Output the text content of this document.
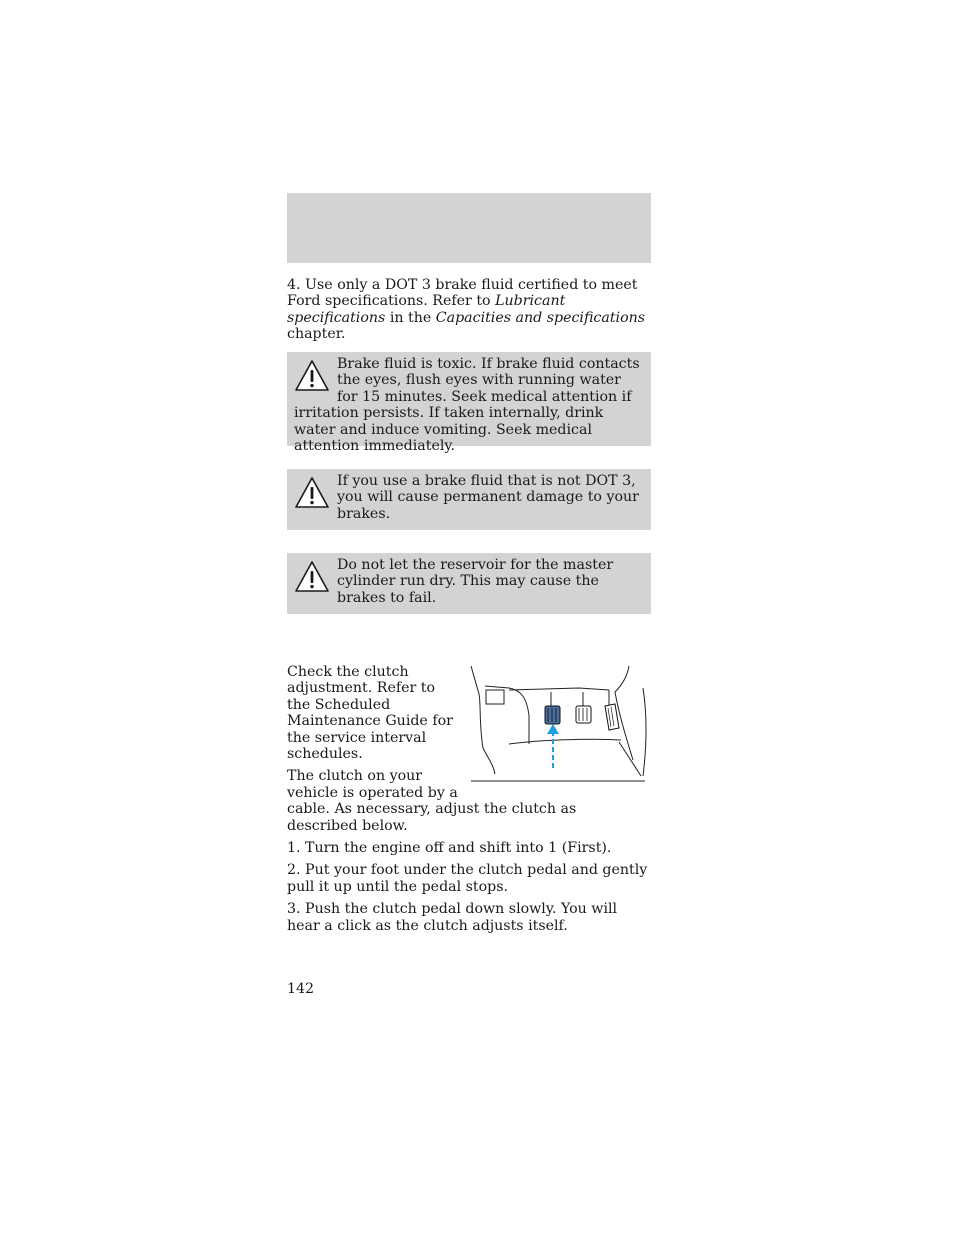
4. Use only a DOT 3 brake fluid certified to meet Ford specifications. Refer to Lubricant specifications in the Capacities and specifications chapter.

Brake fluid is toxic. If brake fluid contacts the eyes, flush eyes with running water for 15 minutes. Seek medical attention if irritation persists. If taken internally, drink water and induce vomiting. Seek medical attention immediately.

If you use a brake fluid that is not DOT 3, you will cause permanent damage to your brakes.

Do not let the reservoir for the master cylinder run dry. This may cause the brakes to fail.

Check the clutch adjustment. Refer to the Scheduled Maintenance Guide for the service interval schedules.

The clutch on your vehicle is operated by a cable. As necessary, adjust the clutch as described below.

1. Turn the engine off and shift into 1 (First).

2. Put your foot under the clutch pedal and gently pull it up until the pedal stops.

3. Push the clutch pedal down slowly. You will hear a click as the clutch adjusts itself.

142
